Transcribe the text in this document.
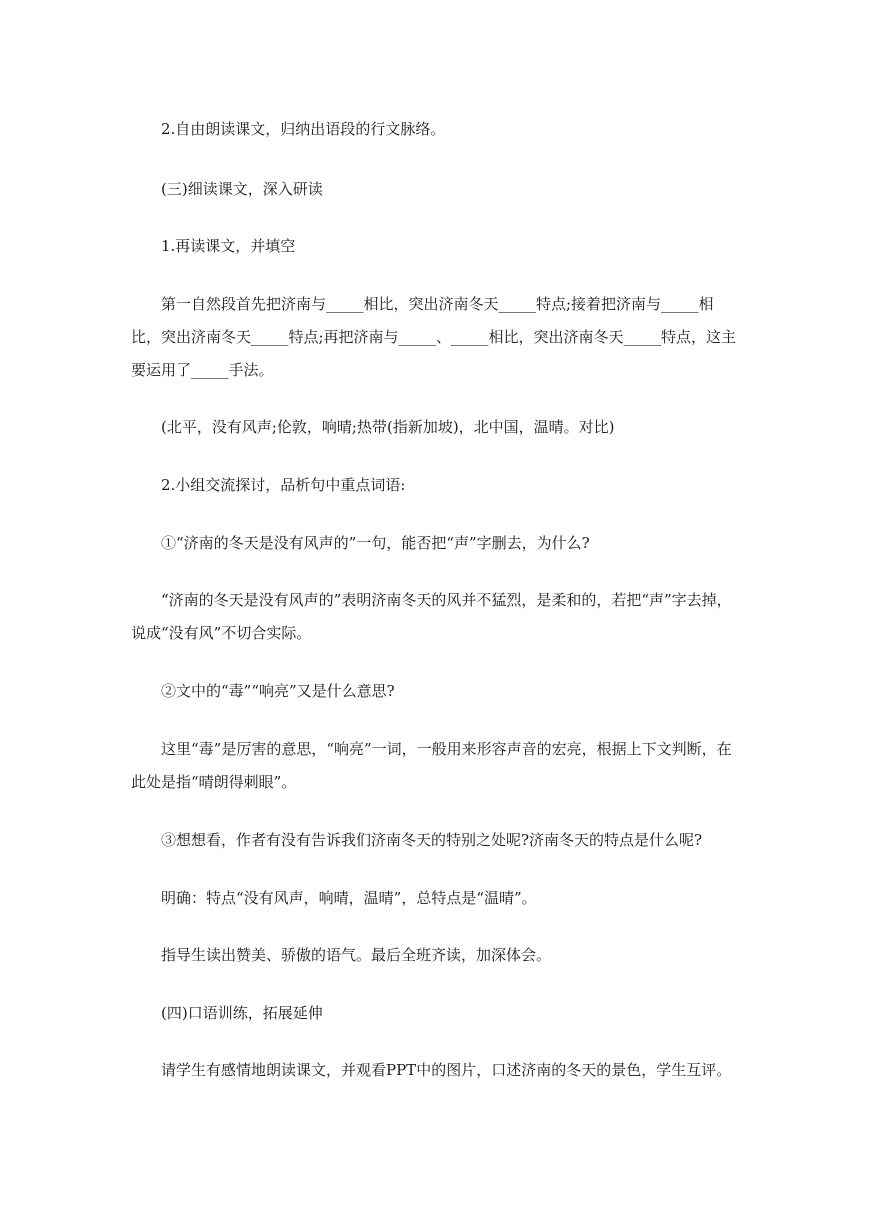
2.自由朗读课文，归纳出语段的行文脉络。

(三)细读课文，深入研读

1.再读课文，并填空

第一自然段首先把济南与_____相比，突出济南冬天_____特点;接着把济南与_____相比，突出济南冬天_____特点;再把济南与_____、_____相比，突出济南冬天_____特点，这主要运用了_____手法。

(北平，没有风声;伦敦，响晴;热带(指新加坡)，北中国，温晴。对比)

2.小组交流探讨，品析句中重点词语:

①“济南的冬天是没有风声的”一句，能否把“声”字删去，为什么?

“济南的冬天是没有风声的”表明济南冬天的风并不猛烈，是柔和的，若把“声”字去掉，说成“没有风”不切合实际。

②文中的“毒”“响亮”又是什么意思?

这里“毒”是厉害的意思，“响亮”一词，一般用来形容声音的宏亮，根据上下文判断，在此处是指“晴朗得刺眼”。

③想想看，作者有没有告诉我们济南冬天的特别之处呢?济南冬天的特点是什么呢?

明确：特点“没有风声，响晴，温晴”，总特点是“温晴”。

指导生读出赞美、骄傲的语气。最后全班齐读，加深体会。

(四)口语训练，拓展延伸

请学生有感情地朗读课文，并观看PPT中的图片，口述济南的冬天的景色，学生互评。
